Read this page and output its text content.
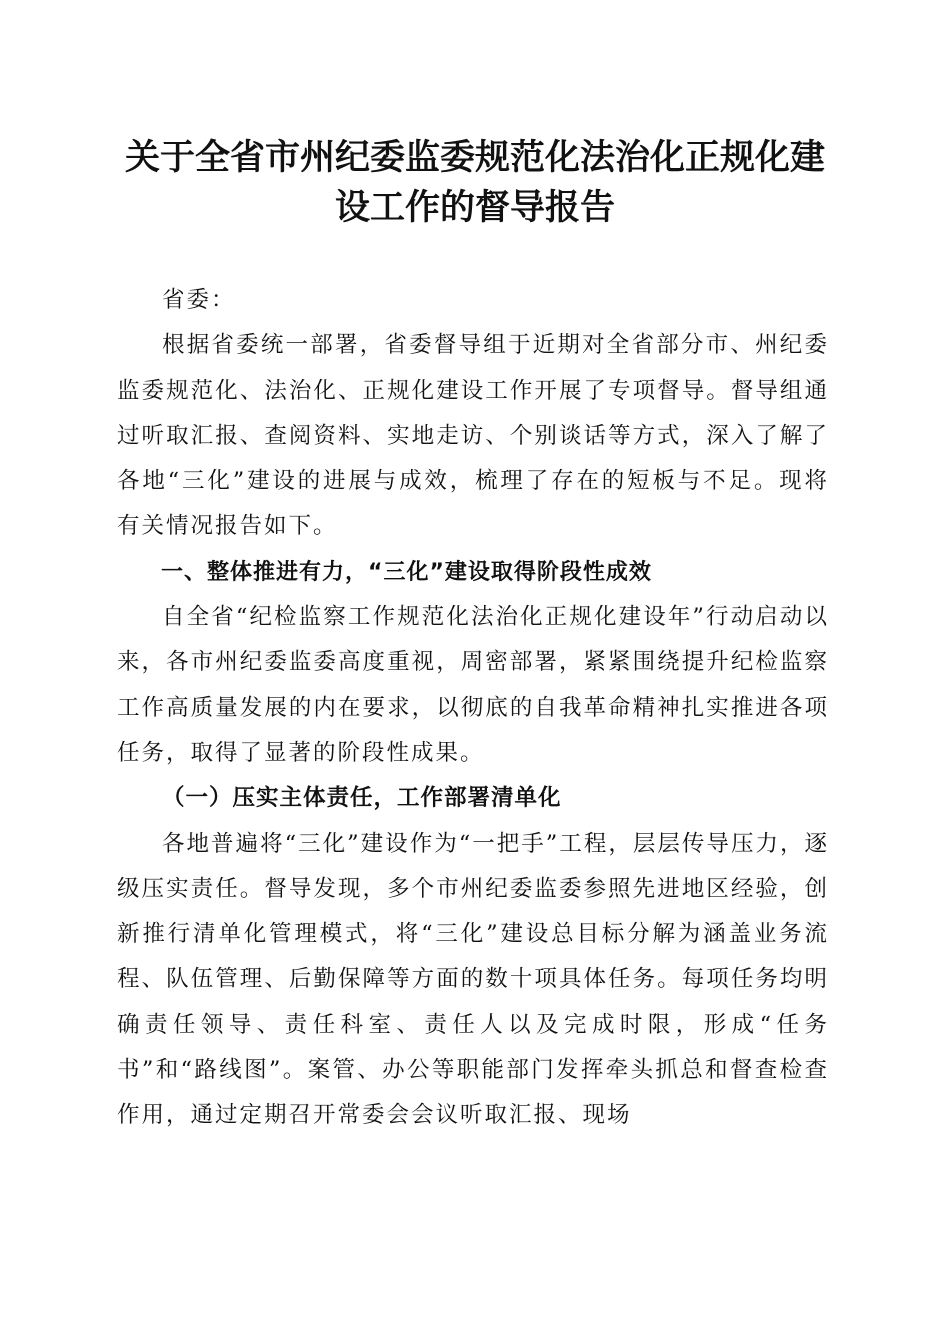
关于全省市州纪委监委规范化法治化正规化建
设工作的督导报告

省委：

根据省委统一部署，省委督导组于近期对全省部分市、州纪委监委规范化、法治化、正规化建设工作开展了专项督导。督导组通过听取汇报、查阅资料、实地走访、个别谈话等方式，深入了解了各地“三化”建设的进展与成效，梳理了存在的短板与不足。现将有关情况报告如下。

一、整体推进有力，“三化”建设取得阶段性成效

自全省“纪检监察工作规范化法治化正规化建设年”行动启动以来，各市州纪委监委高度重视，周密部署，紧紧围绕提升纪检监察工作高质量发展的内在要求，以彻底的自我革命精神扎实推进各项任务，取得了显著的阶段性成果。

（一）压实主体责任，工作部署清单化

各地普遍将“三化”建设作为“一把手”工程，层层传导压力，逐级压实责任。督导发现，多个市州纪委监委参照先进地区经验，创新推行清单化管理模式，将“三化”建设总目标分解为涵盖业务流程、队伍管理、后勤保障等方面的数十项具体任务。每项任务均明确责任领导、责任科室、责任人以及完成时限，形成“任务书”和“路线图”。案管、办公等职能部门发挥牵头抓总和督查检查作用，通过定期召开常委会会议听取汇报、现场
